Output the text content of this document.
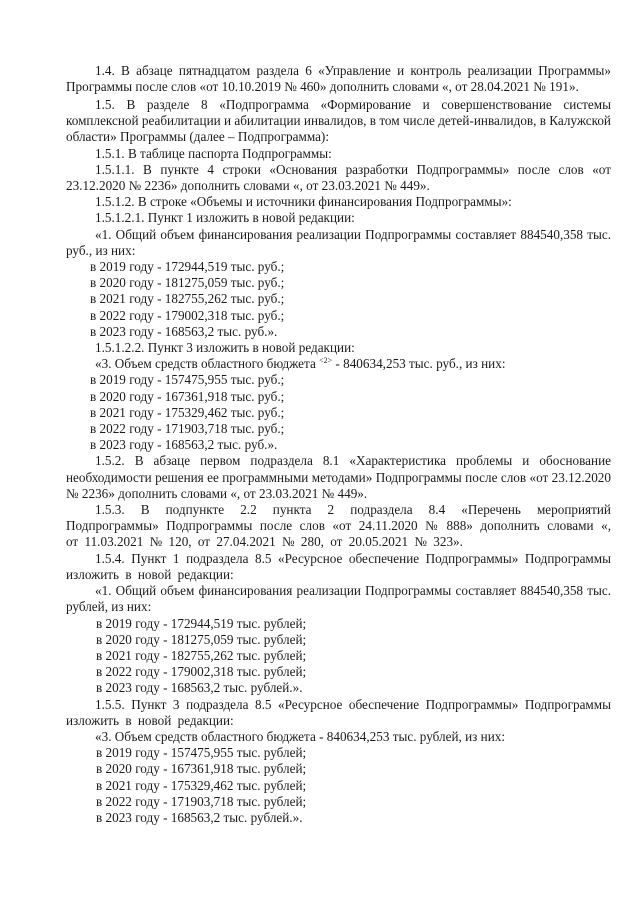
1.4. В абзаце пятнадцатом раздела 6 «Управление и контроль реализации Программы» Программы после слов «от 10.10.2019 № 460» дополнить словами «, от 28.04.2021 № 191».

1.5. В разделе 8 «Подпрограмма «Формирование и совершенствование системы комплексной реабилитации и абилитации инвалидов, в том числе детей-инвалидов, в Калужской области» Программы (далее – Подпрограмма):

1.5.1. В таблице паспорта Подпрограммы:

1.5.1.1. В пункте 4 строки «Основания разработки Подпрограммы» после слов «от 23.12.2020 № 2236» дополнить словами «, от 23.03.2021 № 449».

1.5.1.2. В строке «Объемы и источники финансирования Подпрограммы»:

1.5.1.2.1. Пункт 1 изложить в новой редакции:

«1. Общий объем финансирования реализации Подпрограммы составляет 884540,358 тыс. руб., из них:

в 2019 году - 172944,519 тыс. руб.;

в 2020 году - 181275,059 тыс. руб.;

в 2021 году - 182755,262 тыс. руб.;

в 2022 году - 179002,318 тыс. руб.;

в 2023 году - 168563,2 тыс. руб.».

1.5.1.2.2. Пункт 3 изложить в новой редакции:

«3. Объем средств областного бюджета $^{<2>}$ - 840634,253 тыс. руб., из них:

в 2019 году - 157475,955 тыс. руб.;

в 2020 году - 167361,918 тыс. руб.;

в 2021 году - 175329,462 тыс. руб.;

в 2022 году - 171903,718 тыс. руб.;

в 2023 году - 168563,2 тыс. руб.».

1.5.2. В абзаце первом подраздела 8.1 «Характеристика проблемы и обоснование необходимости решения ее программными методами» Подпрограммы после слов «от 23.12.2020 № 2236» дополнить словами «, от 23.03.2021 № 449».

1.5.3. В подпункте 2.2 пункта 2 подраздела 8.4 «Перечень мероприятий Подпрограммы» Подпрограммы после слов «от 24.11.2020 № 888» дополнить словами «, от 11.03.2021 № 120, от 27.04.2021 № 280, от 20.05.2021 № 323».

1.5.4. Пункт 1 подраздела 8.5 «Ресурсное обеспечение Подпрограммы» Подпрограммы изложить в новой редакции:

«1. Общий объем финансирования реализации Подпрограммы составляет 884540,358 тыс. рублей, из них:

в 2019 году - 172944,519 тыс. рублей;

в 2020 году - 181275,059 тыс. рублей;

в 2021 году - 182755,262 тыс. рублей;

в 2022 году - 179002,318 тыс. рублей;

в 2023 году - 168563,2 тыс. рублей.».

1.5.5. Пункт 3 подраздела 8.5 «Ресурсное обеспечение Подпрограммы» Подпрограммы изложить в новой редакции:

«3. Объем средств областного бюджета - 840634,253 тыс. рублей, из них:

в 2019 году - 157475,955 тыс. рублей;

в 2020 году - 167361,918 тыс. рублей;

в 2021 году - 175329,462 тыс. рублей;

в 2022 году - 171903,718 тыс. рублей;

в 2023 году - 168563,2 тыс. рублей.».
